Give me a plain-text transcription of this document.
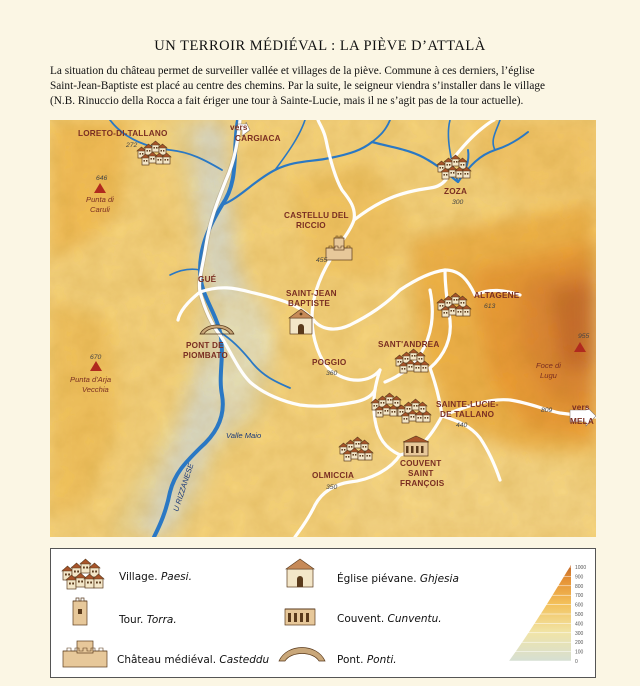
UN TERROIR MÉDIÉVAL : LA PIÈVE D’ATTALÀ

La situation du château permet de surveiller vallée et villages de la piève. Commune à ces derniers, l’église

Saint-Jean-Baptiste est placé au centre des chemins. Par la suite, le seigneur viendra s’installer dans le village

(N.B. Rinuccio della Rocca a fait ériger une tour à Sainte-Lucie, mais il ne s’agit pas de la tour actuelle).

LORETO-DI-TALLANO
272
646
Punta di
Caruli
vers
CARGIACA
ZOZA
300
CASTELLU DEL
RICCIO
455
GUÉ
SAINT-JEAN
BAPTISTE
PONT DE
PIOMBATO
670
Punta d'Arja
Vecchia
ALTAGENE
613
SANT'ANDREA
POGGIO
360
955
Foce di
Lugu
809 vers
MELA
SAINTE-LUCIE-
DE TALLANO
440
COUVENT
SAINT
FRANÇOIS
OLMICCIA
350
Valle Maio
U RIZZANESE
1000
900
800
700
600
500
400
300
200
100
0
Village. Paesi.
Tour. Torra.
Château médiéval. Casteddu
Église piévane. Ghjesia
Couvent. Cunventu.
Pont. Ponti.
